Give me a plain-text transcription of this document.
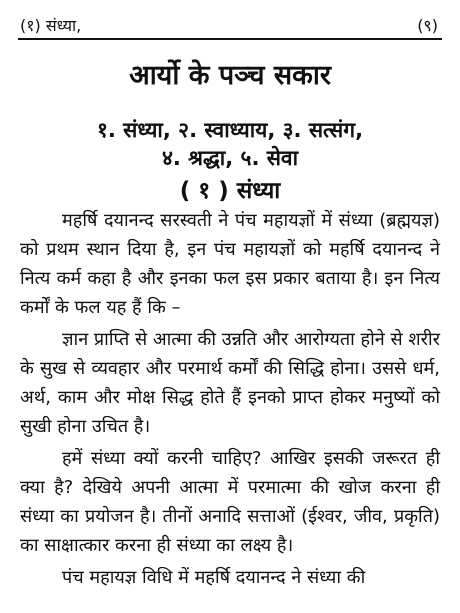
(१) संध्या,	(९)
आर्यो के पञ्च सकार
१. संध्या, २. स्वाध्याय, ३. सत्संग,
४. श्रद्धा, ५. सेवा
( १ ) संध्या

महर्षि दयानन्द सरस्वती ने पंच महायज्ञों में संध्या (ब्रह्मयज्ञ) को प्रथम स्थान दिया है, इन पंच महायज्ञों को महर्षि दयानन्द ने नित्य कर्म कहा है और इनका फल इस प्रकार बताया है। इन नित्य कर्मों के फल यह हैं कि –

ज्ञान प्राप्ति से आत्मा की उन्नति और आरोग्यता होने से शरीर के सुख से व्यवहार और परमार्थ कर्मों की सिद्धि होना। उससे धर्म, अर्थ, काम और मोक्ष सिद्ध होते हैं इनको प्राप्त होकर मनुष्यों को सुखी होना उचित है।

हमें संध्या क्यों करनी चाहिए? आखिर इसकी जरूरत ही क्या है? देखिये अपनी आत्मा में परमात्मा की खोज करना ही संध्या का प्रयोजन है। तीनों अनादि सत्ताओं (ईश्वर, जीव, प्रकृति) का साक्षात्कार करना ही संध्या का लक्ष्य है।

पंच महायज्ञ विधि में महर्षि दयानन्द ने संध्या की
